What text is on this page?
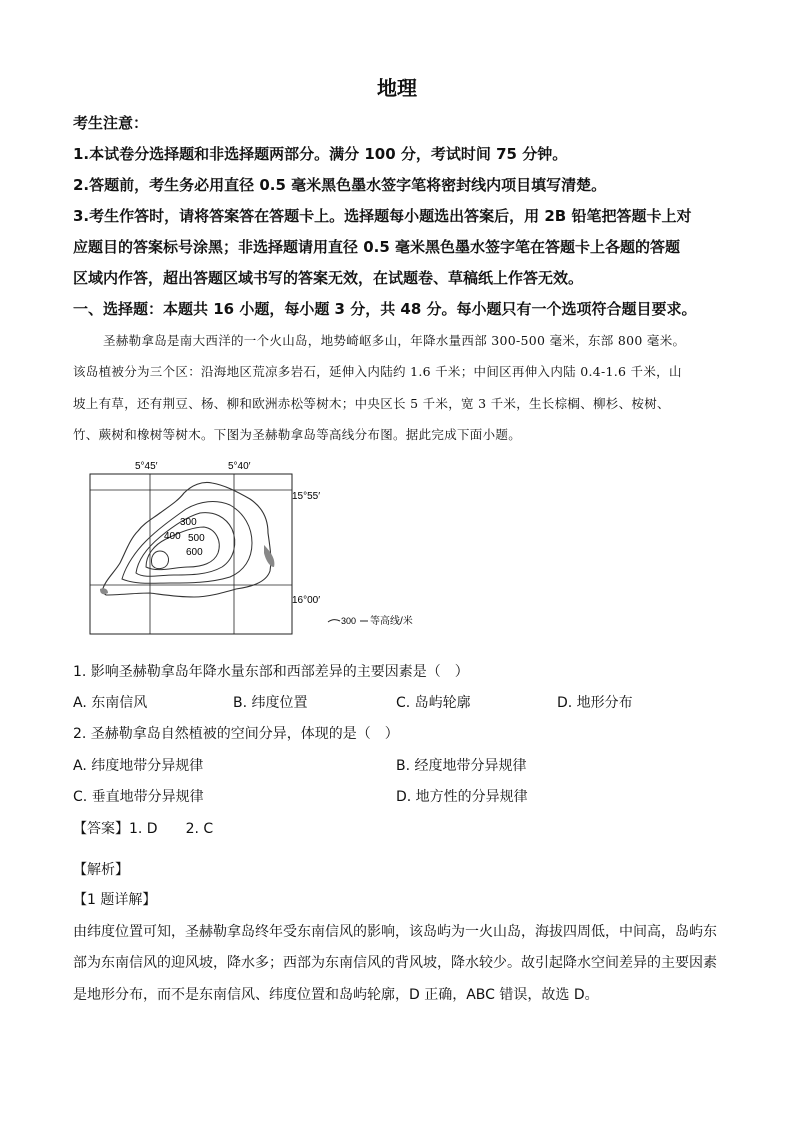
地理
考生注意：
1.本试卷分选择题和非选择题两部分。满分 100 分，考试时间 75 分钟。
2.答题前，考生务必用直径 0.5 毫米黑色墨水签字笔将密封线内项目填写清楚。
3.考生作答时，请将答案答在答题卡上。选择题每小题选出答案后，用 2B 铅笔把答题卡上对
应题目的答案标号涂黑；非选择题请用直径 0.5 毫米黑色墨水签字笔在答题卡上各题的答题
区域内作答，超出答题区域书写的答案无效，在试题卷、草稿纸上作答无效。
一、选择题：本题共 16 小题，每小题 3 分，共 48 分。每小题只有一个选项符合题目要求。
圣赫勒拿岛是南大西洋的一个火山岛，地势崎岖多山，年降水量西部 300-500 毫米，东部 800 毫米。
该岛植被分为三个区：沿海地区荒凉多岩石，延伸入内陆约 1.6 千米；中间区再伸入内陆 0.4-1.6 千米，山
坡上有草，还有荆豆、杨、柳和欧洲赤松等树木；中央区长 5 千米，宽 3 千米，生长棕榈、柳杉、桉树、
竹、蕨树和橡树等树木。下图为圣赫勒拿岛等高线分布图。据此完成下面小题。
300
400 500
600
5°45′	5°40′
15°55′
16°00′
300 等高线/米
1. 影响圣赫勒拿岛年降水量东部和西部差异的主要因素是（　）
A. 东南信风	B. 纬度位置	C. 岛屿轮廓	D. 地形分布
2. 圣赫勒拿岛自然植被的空间分异，体现的是（　）
A. 纬度地带分异规律	B. 经度地带分异规律
C. 垂直地带分异规律	D. 地方性的分异规律
【答案】1. D　　2. C
【解析】
【1 题详解】
由纬度位置可知，圣赫勒拿岛终年受东南信风的影响，该岛屿为一火山岛，海拔四周低，中间高，岛屿东
部为东南信风的迎风坡，降水多；西部为东南信风的背风坡，降水较少。故引起降水空间差异的主要因素
是地形分布，而不是东南信风、纬度位置和岛屿轮廓，D 正确，ABC 错误，故选 D。
